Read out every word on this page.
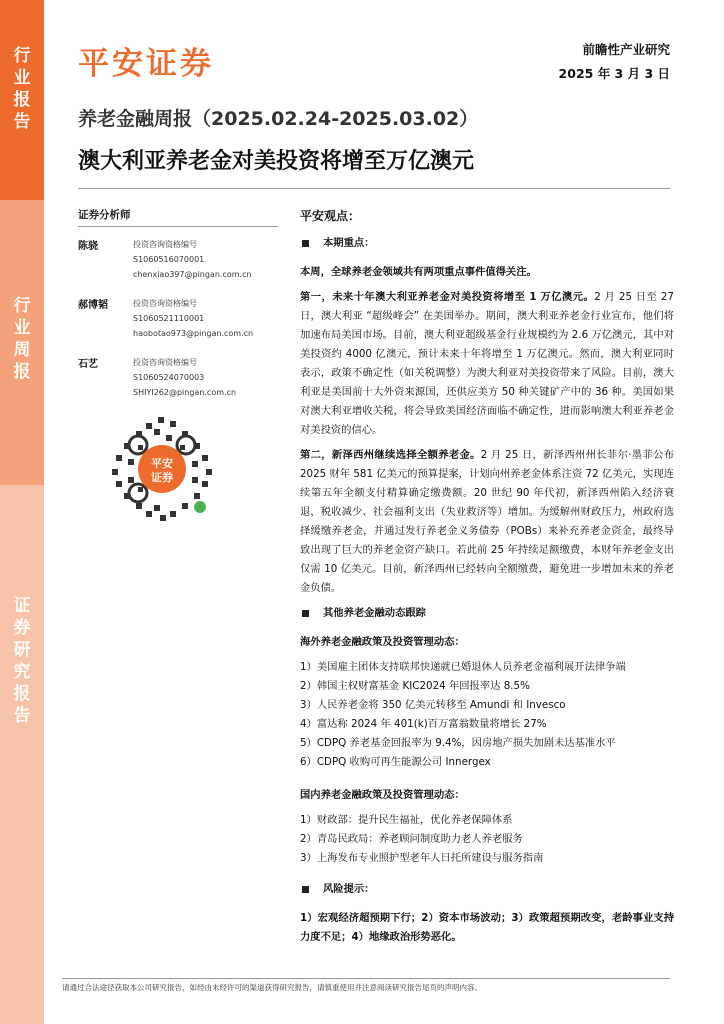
行业报告
行业周报
证券研究报告
平安证券	前瞻性产业研究
2025 年 3 月 3 日
养老金融周报（2025.02.24-2025.03.02）
澳大利亚养老金对美投资将增至万亿澳元
证券分析师
陈骁	投资咨询资格编号
S1060516070001
chenxiao397@pingan.com.cn
郝博韬	投资咨询资格编号
S1060521110001
haobotao973@pingan.com.cn
石艺	投资咨询资格编号
S1060524070003
SHIYI262@pingan.com.cn
平安
证券
平安观点：
本期重点：

本周，全球养老金领域共有两项重点事件值得关注。

第一，未来十年澳大利亚养老金对美投资将增至 1 万亿澳元。2 月 25 日至 27 日，澳大利亚 “超级峰会” 在美国举办。期间，澳大利亚养老金行业宣布，他们将加速布局美国市场。目前，澳大利亚超级基金行业规模约为 2.6 万亿澳元，其中对美投资约 4000 亿澳元，预计未来十年将增至 1 万亿澳元。然而，澳大利亚同时表示，政策不确定性（如关税调整）为澳大利亚对美投资带来了风险。目前，澳大利亚是美国前十大外资来源国，还供应美方 50 种关键矿产中的 36 种。美国如果对澳大利亚增收关税，将会导致美国经济面临不确定性，进而影响澳大利亚养老金对美投资的信心。

第二，新泽西州继续选择全额养老金。2 月 25 日，新泽西州州长菲尔·墨菲公布 2025 财年 581 亿美元的预算提案，计划向州养老金体系注资 72 亿美元，实现连续第五年全额支付精算确定缴费额。20 世纪 90 年代初，新泽西州陷入经济衰退，税收减少、社会福利支出（失业救济等）增加。为缓解州财政压力，州政府选择缓缴养老金，并通过发行养老金义务债券（POBs）来补充养老金资金，最终导致出现了巨大的养老金资产缺口。若此前 25 年持续足额缴费，本财年养老金支出仅需 10 亿美元。目前，新泽西州已经转向全额缴费，避免进一步增加未来的养老金负债。

其他养老金融动态跟踪
海外养老金融政策及投资管理动态：
1）美国雇主团体支持联邦快递就已婚退休人员养老金福利展开法律争端
2）韩国主权财富基金 KIC2024 年回报率达 8.5%
3）人民养老金将 350 亿美元转移至 Amundi 和 Invesco
4）富达称 2024 年 401(k)百万富翁数量将增长 27%
5）CDPQ 养老基金回报率为 9.4%，因房地产损失加剧未达基准水平
6）CDPQ 收购可再生能源公司 Innergex
国内养老金融政策及投资管理动态：
1）财政部：提升民生福祉，优化养老保障体系
2）青岛民政局：养老顾问制度助力老人养老服务
3）上海发布专业照护型老年人日托所建设与服务指南
风险提示：

1）宏观经济超预期下行；2）资本市场波动；3）政策超预期改变，老龄事业支持力度不足；4）地缘政治形势恶化。

请通过合法途径获取本公司研究报告，如经由未经许可的渠道获得研究报告，请慎重使用并注意阅读研究报告尾页的声明内容。
